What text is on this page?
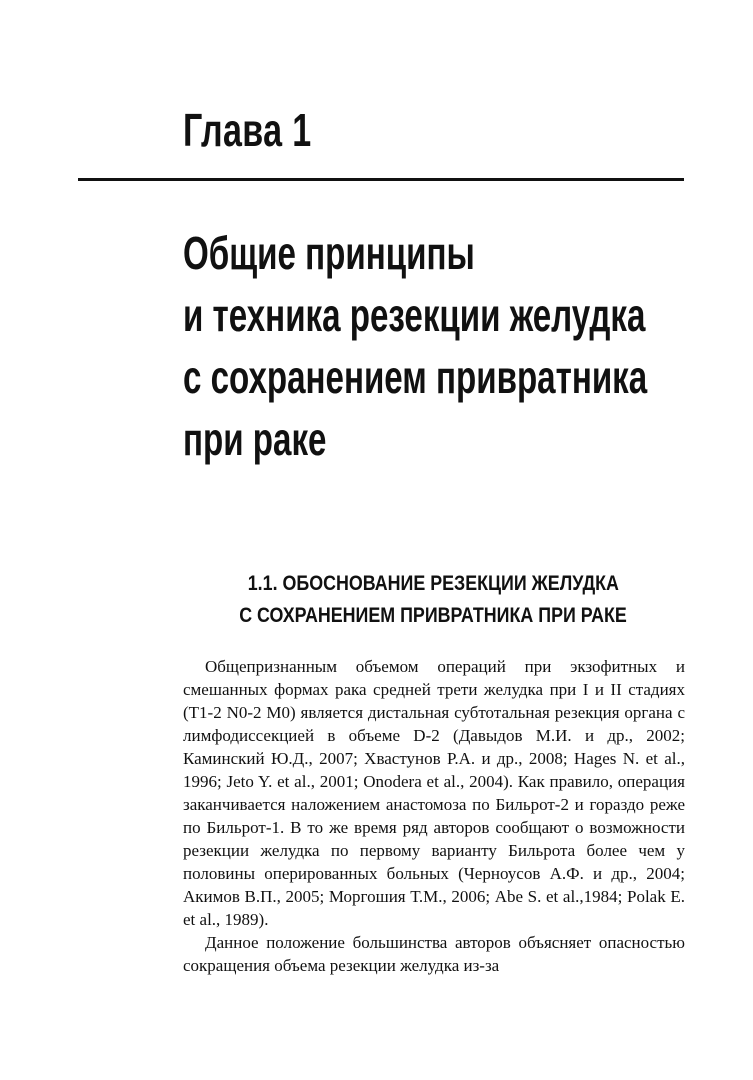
Глава 1
Общие принципы
и техника резекции желудка
с сохранением привратника
при раке
1.1. ОБОСНОВАНИЕ РЕЗЕКЦИИ ЖЕЛУДКА
С СОХРАНЕНИЕМ ПРИВРАТНИКА ПРИ РАКЕ

Общепризнанным объемом операций при экзофитных и смешанных формах рака средней трети желудка при I и II стадиях (T1-2 N0-2 M0) является дистальная субтотальная резекция органа с лимфодиссекцией в объеме D-2 (Давыдов М.И. и др., 2002; Каминский Ю.Д., 2007; Хвастунов Р.А. и др., 2008; Hages N. et al., 1996; Jeto Y. et al., 2001; Onodera et al., 2004). Как правило, операция заканчивается наложением анастомоза по Бильрот-2 и гораздо реже по Бильрот-1. В то же время ряд авторов сообщают о возможности резекции желудка по первому варианту Бильрота более чем у половины оперированных больных (Черноусов А.Ф. и др., 2004; Акимов В.П., 2005; Моргошия Т.М., 2006; Abe S. et al.,1984; Polak E. et al., 1989).

Данное положение большинства авторов объясняет опасностью сокращения объема резекции желудка из-за
